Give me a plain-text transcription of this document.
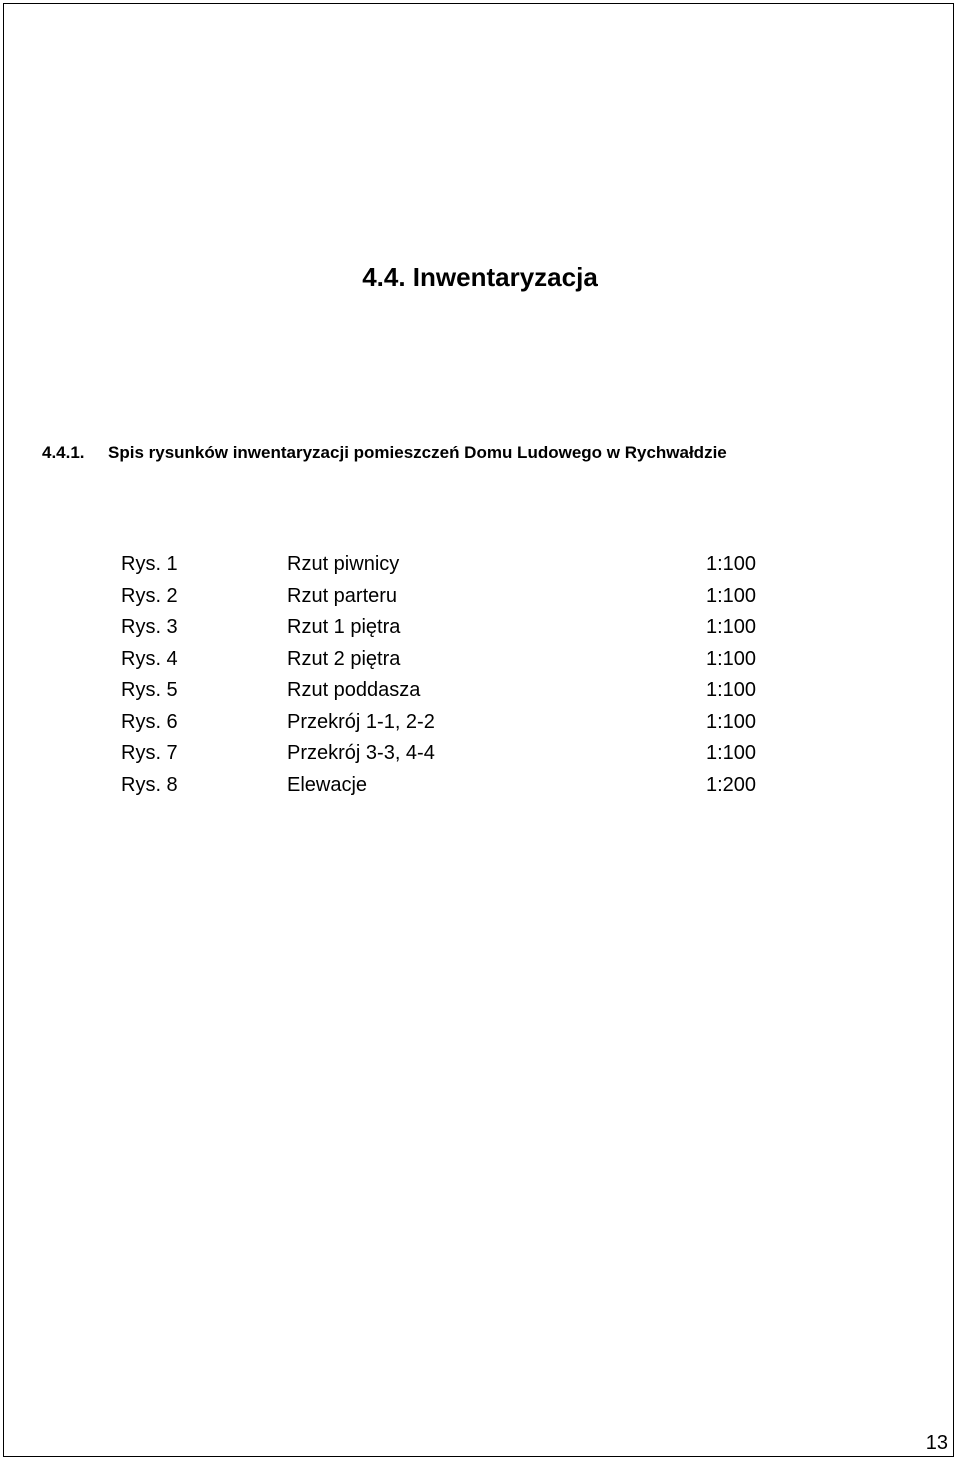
4.4. Inwentaryzacja
4.4.1. Spis rysunków inwentaryzacji pomieszczeń Domu Ludowego w Rychwałdzie
Rys. 1	Rzut piwnicy	1:100
Rys. 2	Rzut parteru	1:100
Rys. 3	Rzut 1 piętra	1:100
Rys. 4	Rzut 2 piętra	1:100
Rys. 5	Rzut poddasza	1:100
Rys. 6	Przekrój 1-1, 2-2	1:100
Rys. 7	Przekrój 3-3, 4-4	1:100
Rys. 8	Elewacje	1:200
13
